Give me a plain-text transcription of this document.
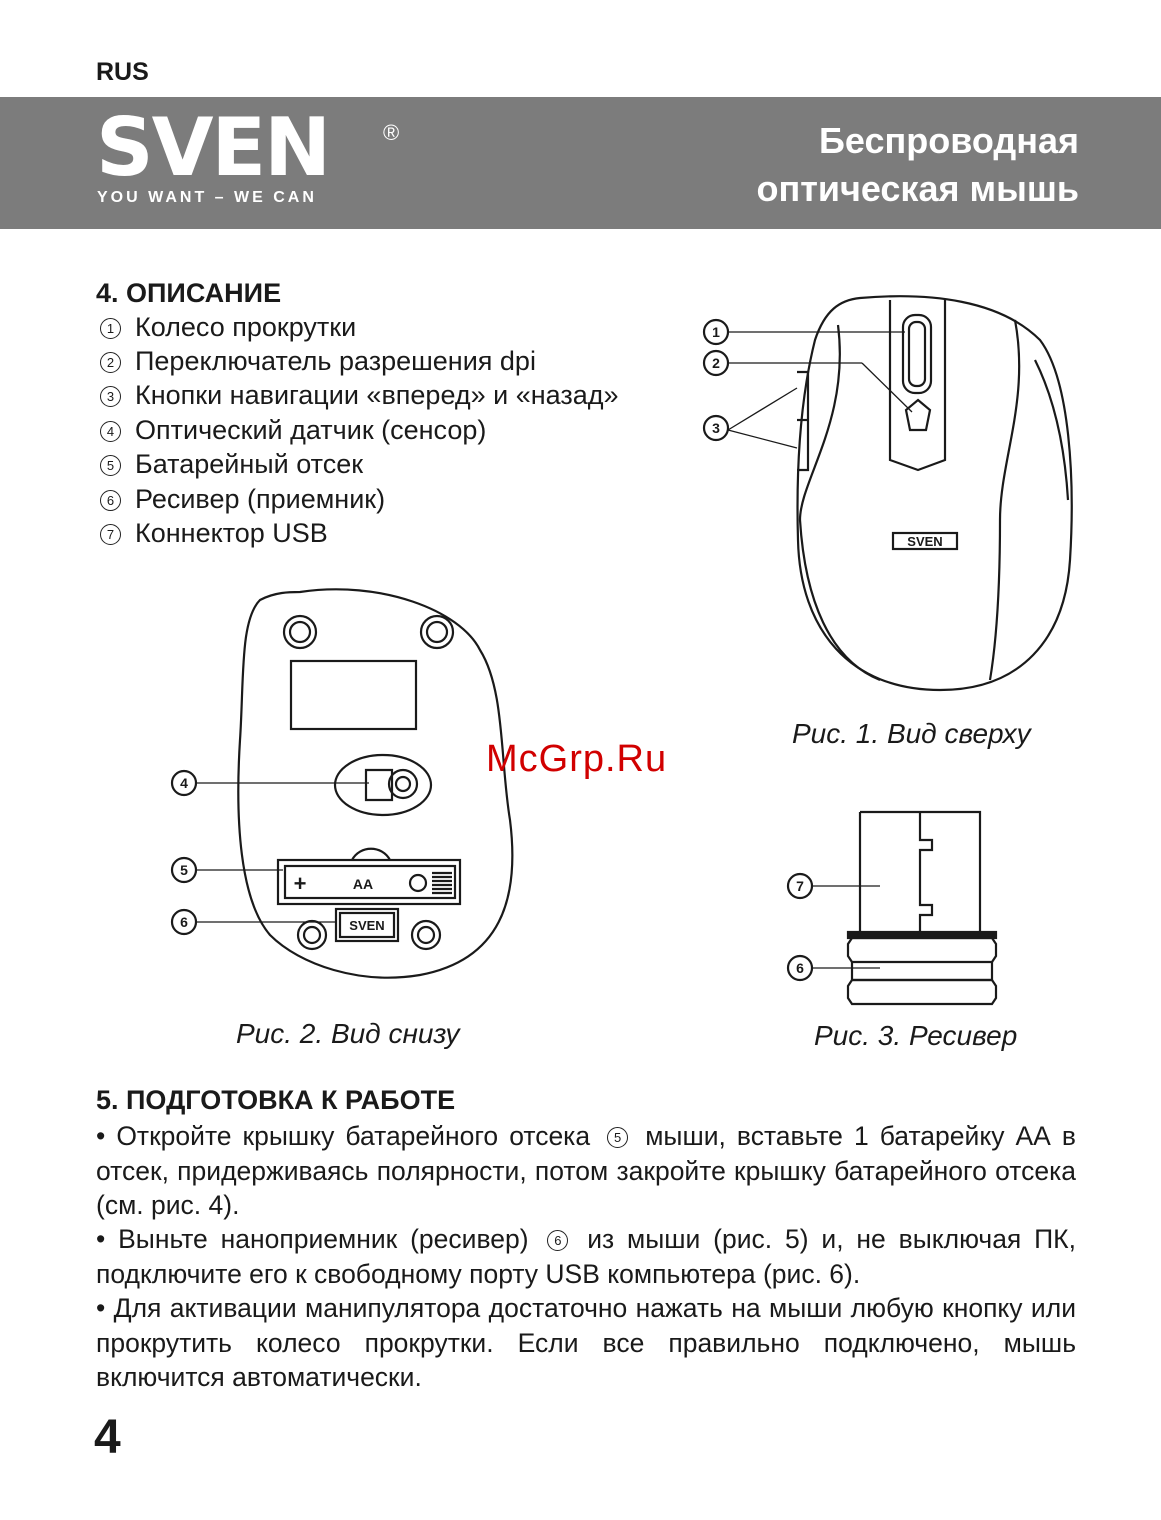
RUS
SVEN ®
YOU WANT – WE CAN
Беспроводная
оптическая мышь
4. ОПИСАНИЕ
1 Колесо прокрутки
2 Переключатель разрешения dpi
3 Кнопки навигации «вперед» и «назад»
4 Оптический датчик (сенсор)
5 Батарейный отсек
6 Ресивер (приемник)
7 Коннектор USB
1
2
3
4
5
6
6
7
SVEN
SVEN
AA
+
Рис. 1. Вид сверху
McGrp.Ru
Рис. 2. Вид снизу	Рис. 3. Ресивер
5. ПОДГОТОВКА К РАБОТЕ
• Откройте крышку батарейного отсека 5 мыши, вставьте 1 батарейку АА в отсек, придерживаясь полярности, потом закройте крышку батарейного отсека (см. рис. 4).
• Выньте наноприемник (ресивер) 6 из мыши (рис. 5) и, не выключая ПК, подключите его к свободному порту USB компьютера (рис. 6).
• Для активации манипулятора достаточно нажать на мыши любую кнопку или прокрутить колесо прокрутки. Если все правильно подключено, мышь включится автоматически.
4
